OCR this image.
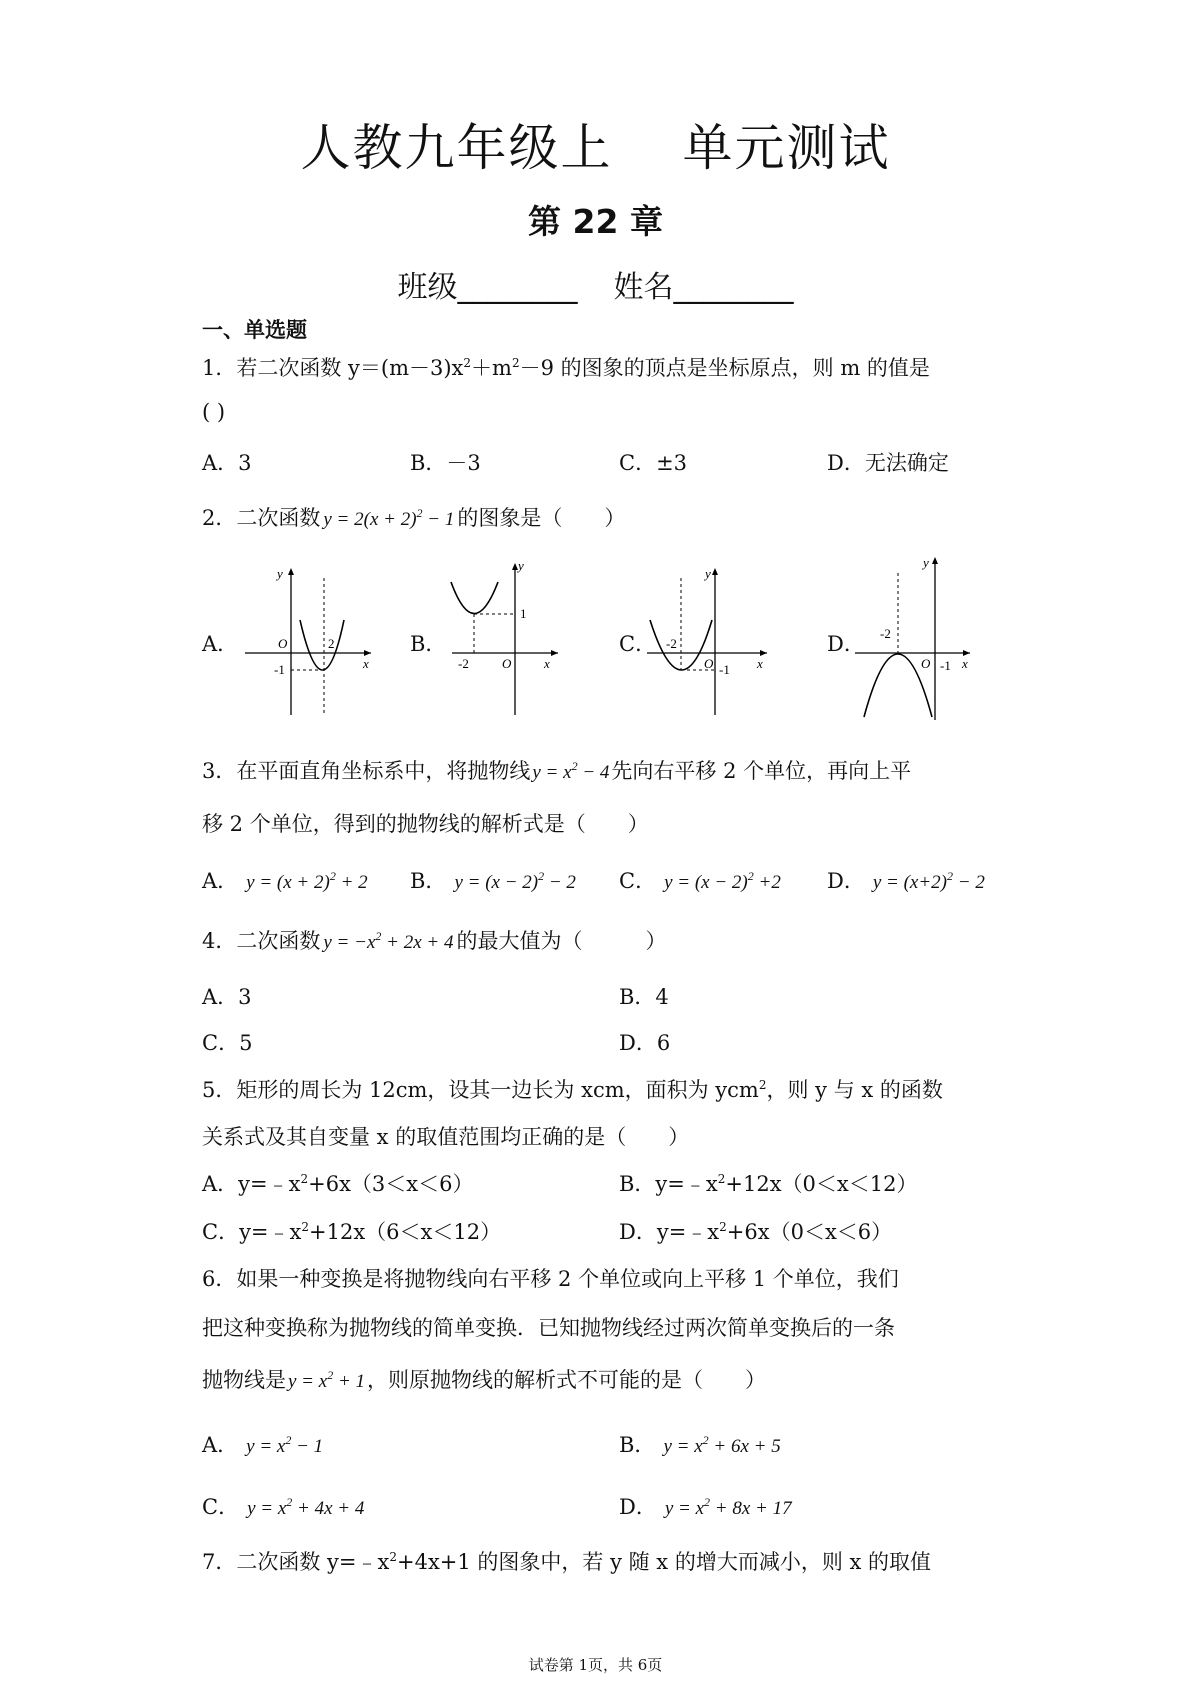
人教九年级上 单元测试
第 22 章
班级________ 姓名________
一、单选题
1．若二次函数 $y=(m-3)x^2+m^2-9$ 的图象的顶点是坐标原点，则 m 的值是
( )
A．3	B．－3	C．±3	D．无法确定
2．二次函数 $y = 2(x + 2)^2 - 1$ 的图象是（　　）
A．	B．	C．	D．
y
x
O	2
-1
y
x
O
-2
1
y
x
O
-2
-1
y
x
O
-2
-1
3．在平面直角坐标系中，将抛物线 $y = x^2 - 4$先向右平移 2 个单位，再向上平
移 2 个单位，得到的抛物线的解析式是（　　）
A． $y = (x + 2)^2 + 2$ B． $y = (x - 2)^2 - 2$ C． $y = (x - 2)^2 +2$ D． $y = (x+2)^2 - 2$
4．二次函数 $y = -x^2 + 2x + 4$ 的最大值为（　　　）
A．3	B．4
C．5	D．6
5．矩形的周长为 12cm，设其一边长为 xcm，面积为 ycm$^2$，则 y 与 x 的函数
关系式及其自变量 x 的取值范围均正确的是（　　）
A．$y=﹣x^2+6x(3<x<6)$	B．$y=﹣x^2+12x(0<x<12)$
C．$y=﹣x^2+12x(6<x<12)$	D．$y=﹣x^2+6x(0<x<6)$
6．如果一种变换是将抛物线向右平移 2 个单位或向上平移 1 个单位，我们
把这种变换称为抛物线的简单变换．已知抛物线经过两次简单变换后的一条
抛物线是 $y = x^2 + 1$，则原抛物线的解析式不可能的是（　　）
A． $y = x^2 - 1$	B． $y = x^2 + 6x + 5$
C． $y = x^2 + 4x + 4$	D． $y = x^2 + 8x + 17$
7．二次函数 $y=﹣x^2+4x+1$ 的图象中，若 y 随 x 的增大而减小，则 x 的取值
试卷第 1页，共 6页
